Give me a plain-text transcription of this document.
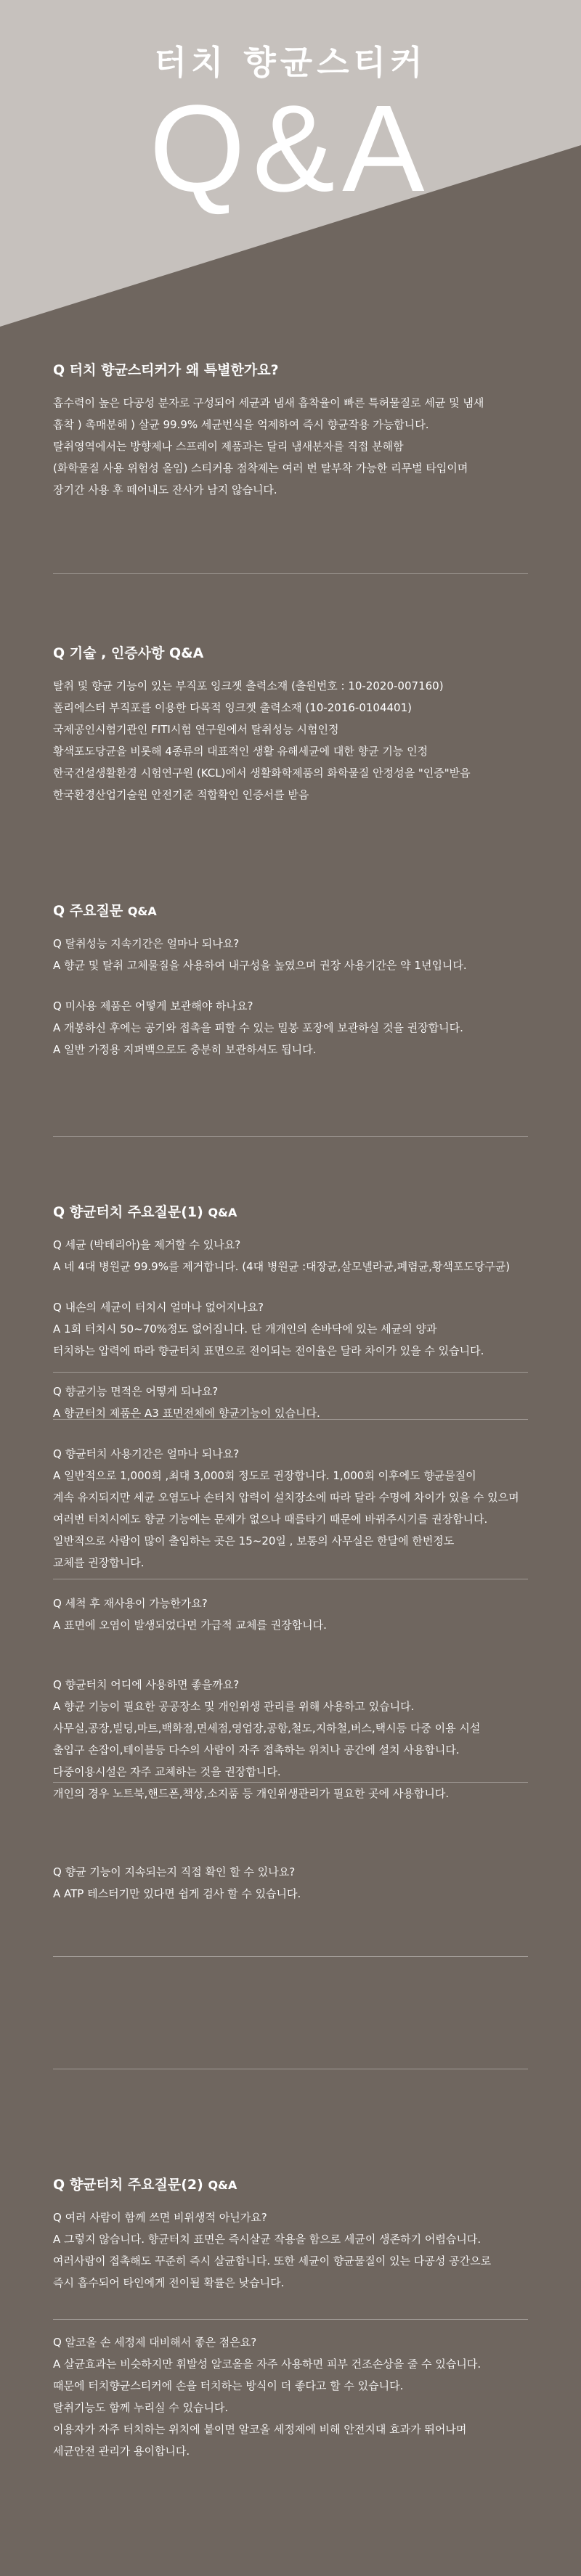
터치 향균스티커
Q&A
Q 터치 향균스티커가 왜 특별한가요?

흡수력이 높은 다공성 분자로 구성되어 세균과 냄새 흡착율이 빠른 특허물질로 세균 및 냄새

흡착 ) 촉매분해 ) 살균 99.9% 세균번식을 억제하여 즉시 향균작용 가능합니다.

탈취영역에서는 방향제나 스프레이 제품과는 달리 냄새분자를 직접 분해함

(화학물질 사용 위험성 올임) 스티커용 점착제는 여러 번 탈부착 가능한 리무벌 타입이며

장기간 사용 후 떼어내도 잔사가 남지 않습니다.

Q 기술 , 인증사항 Q&A

탈취 및 향균 기능이 있는 부직포 잉크젯 출력소재 (출원번호 : 10-2020-007160)

폴리에스터 부직포를 이용한 다목적 잉크젯 출력소재 (10-2016-0104401)

국제공인시험기관인 FITI시험 연구원에서 탈취성능 시험인정

황색포도당균을 비롯해 4종류의 대표적인 생활 유해세균에 대한 향균 기능 인정

한국건설생활환경 시험연구원 (KCL)에서 생활화학제품의 화학물질 안정성을 "인증"받음

한국환경산업기술원 안전기준 적합확인 인증서를 받음

Q 주요질문 Q&A

Q 탈취성능 지속기간은 얼마나 되나요?

A 향균 및 탈취 고체물질을 사용하여 내구성을 높였으며 권장 사용기간은 약 1년입니다.

Q 미사용 제품은 어떻게 보관해야 하나요?

A 개봉하신 후에는 공기와 접촉을 피할 수 있는 밀봉 포장에 보관하실 것을 권장합니다.

A 일반 가정용 지퍼백으로도 충분히 보관하셔도 됩니다.

Q 향균터치 주요질문(1) Q&A

Q 세균 (박테리아)을 제거할 수 있나요?

A 네 4대 병원균 99.9%를 제거합니다. (4대 병원균 :대장균,살모넬라균,폐렴균,황색포도당구균)

Q 내손의 세균이 터치시 얼마나 없어지나요?

A 1회 터치시 50~70%정도 없어집니다. 단 개개인의 손바닥에 있는 세균의 양과

터치하는 압력에 따라 향균터치 표면으로 전이되는 전이율은 달라 차이가 있을 수 있습니다.

Q 향균기능 면적은 어떻게 되나요?

A 향균터치 제품은 A3 표면전체에 향균기능이 있습니다.

Q 향균터치 사용기간은 얼마나 되나요?

A 일반적으로 1,000회 ,최대 3,000회 정도로 권장합니다. 1,000회 이후에도 향균물질이

계속 유지되지만 세균 오염도나 손터치 압력이 설치장소에 따라 달라 수명에 차이가 있을 수 있으며

여러번 터치시에도 향균 기능에는 문제가 없으나 때를타기 때문에 바꿔주시기를 권장합니다.

일반적으로 사람이 많이 출입하는 곳은 15~20일 , 보통의 사무실은 한달에 한번정도

교체를 권장합니다.

Q 세척 후 재사용이 가능한가요?

A 표면에 오염이 발생되었다면 가급적 교체를 권장합니다.

Q 향균터치 어디에 사용하면 좋을까요?

A 향균 기능이 필요한 공공장소 및 개인위생 관리를 위해 사용하고 있습니다.

사무실,공장,빌딩,마트,백화점,면세점,영업장,공항,철도,지하철,버스,택시등 다중 이용 시설

출입구 손잡이,테이블등 다수의 사람이 자주 접촉하는 위치나 공간에 설치 사용합니다.

다중이용시설은 자주 교체하는 것을 권장합니다.

개인의 경우 노트북,핸드폰,책상,소지품 등 개인위생관리가 필요한 곳에 사용합니다.

Q 향균 기능이 지속되는지 직접 확인 할 수 있나요?

A ATP 테스터기만 있다면 쉽게 검사 할 수 있습니다.

Q 향균터치 주요질문(2) Q&A

Q 여러 사람이 함께 쓰면 비위생적 아닌가요?

A 그렇지 않습니다. 향균터치 표면은 즉시살균 작용을 함으로 세균이 생존하기 어렵습니다.

여러사람이 접촉해도 꾸준히 즉시 살균합니다. 또한 세균이 향균물질이 있는 다공성 공간으로

즉시 흡수되어 타인에게 전이될 확률은 낮습니다.

Q 알코올 손 세정제 대비해서 좋은 점은요?

A 살균효과는 비슷하지만 휘발성 알코올을 자주 사용하면 피부 건조손상을 줄 수 있습니다.

때문에 터치향균스티커에 손을 터치하는 방식이 더 좋다고 할 수 있습니다.

탈취기능도 함께 누리실 수 있습니다.

이용자가 자주 터치하는 위치에 붙이면 알코올 세정제에 비해 안전지대 효과가 뛰어나며

세균안전 관리가 용이합니다.
